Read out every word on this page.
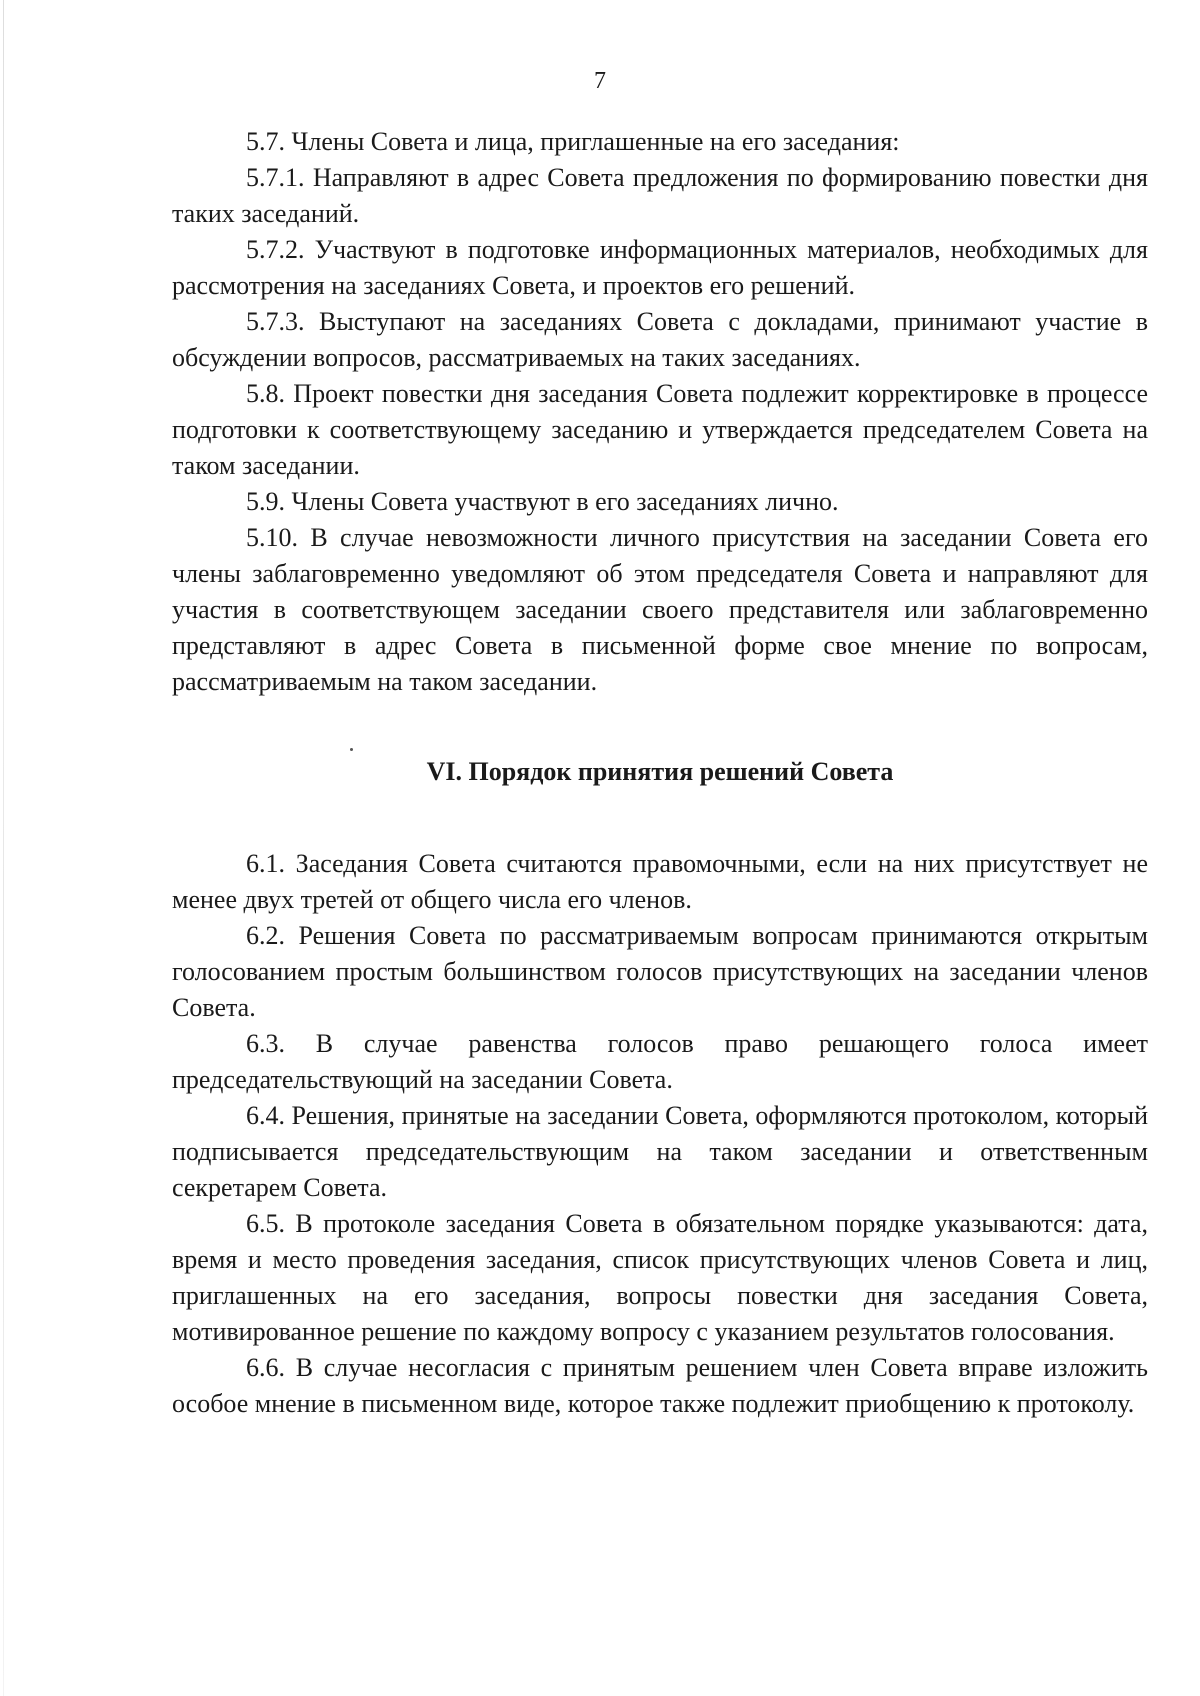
7

5.7. Члены Совета и лица, приглашенные на его заседания:

5.7.1. Направляют в адрес Совета предложения по формированию повестки дня таких заседаний.

5.7.2. Участвуют в подготовке информационных материалов, необходимых для рассмотрения на заседаниях Совета, и проектов его решений.

5.7.3. Выступают на заседаниях Совета с докладами, принимают участие в обсуждении вопросов, рассматриваемых на таких заседаниях.

5.8. Проект повестки дня заседания Совета подлежит корректировке в процессе подготовки к соответствующему заседанию и утверждается председателем Совета на таком заседании.

5.9. Члены Совета участвуют в его заседаниях лично.

5.10. В случае невозможности личного присутствия на заседании Совета его члены заблаговременно уведомляют об этом председателя Совета и направляют для участия в соответствующем заседании своего представителя или заблаговременно представляют в адрес Совета в письменной форме свое мнение по вопросам, рассматриваемым на таком заседании.

VI. Порядок принятия решений Совета

6.1. Заседания Совета считаются правомочными, если на них присутствует не менее двух третей от общего числа его членов.

6.2. Решения Совета по рассматриваемым вопросам принимаются открытым голосованием простым большинством голосов присутствующих на заседании членов Совета.

6.3. В случае равенства голосов право решающего голоса имеет председательствующий на заседании Совета.

6.4. Решения, принятые на заседании Совета, оформляются протоколом, который подписывается председательствующим на таком заседании и ответственным секретарем Совета.

6.5. В протоколе заседания Совета в обязательном порядке указываются: дата, время и место проведения заседания, список присутствующих членов Совета и лиц, приглашенных на его заседания, вопросы повестки дня заседания Совета, мотивированное решение по каждому вопросу с указанием результатов голосования.

6.6. В случае несогласия с принятым решением член Совета вправе изложить особое мнение в письменном виде, которое также подлежит приобщению к протоколу.
